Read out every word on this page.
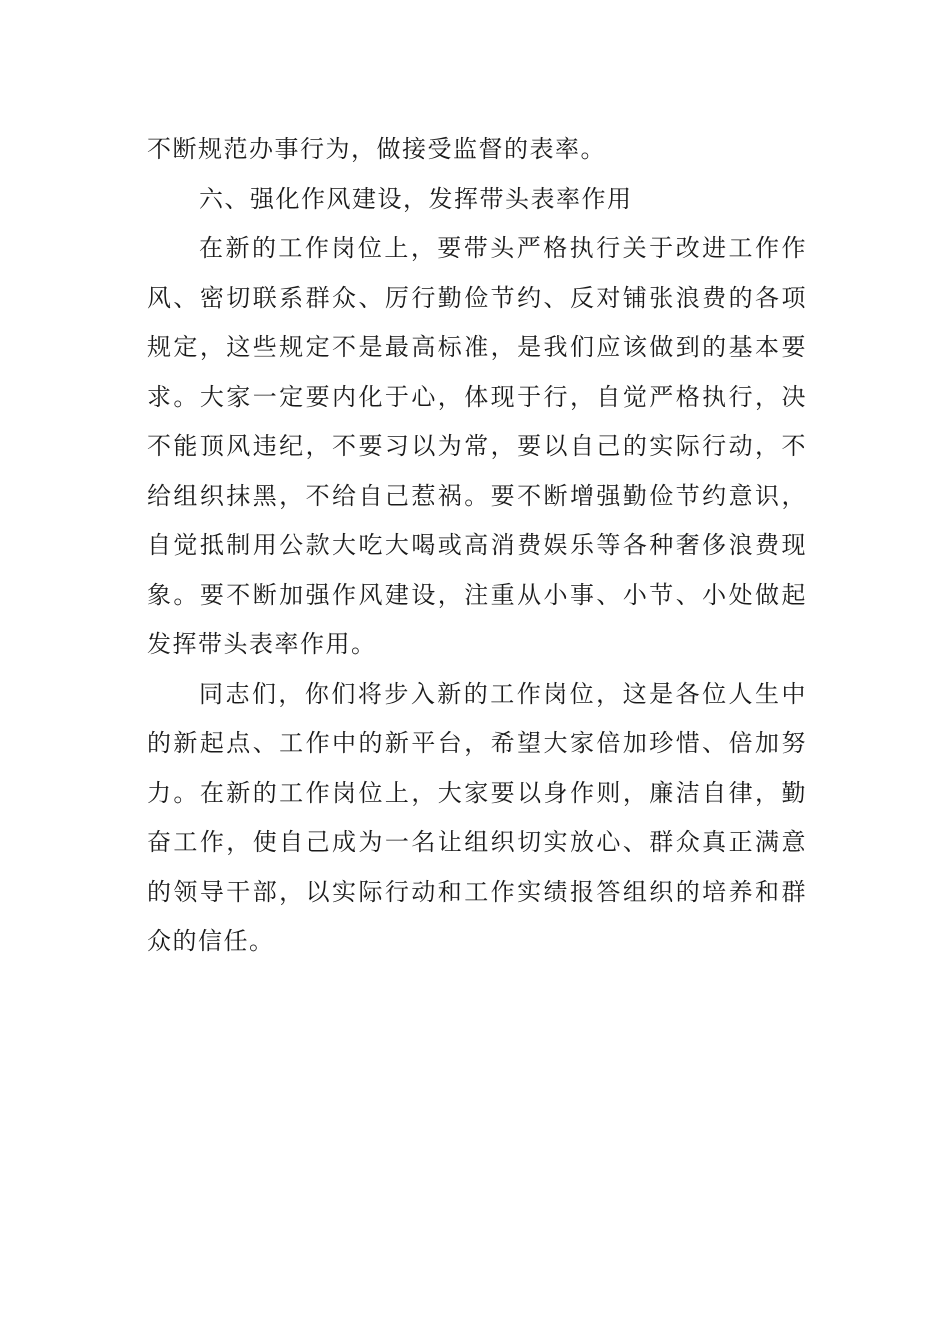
不断规范办事行为，做接受监督的表率。

六、强化作风建设，发挥带头表率作用

在新的工作岗位上，要带头严格执行关于改进工作作风、密切联系群众、厉行勤俭节约、反对铺张浪费的各项规定，这些规定不是最高标准，是我们应该做到的基本要求。大家一定要内化于心，体现于行，自觉严格执行，决不能顶风违纪，不要习以为常，要以自己的实际行动，不给组织抹黑，不给自己惹祸。要不断增强勤俭节约意识，自觉抵制用公款大吃大喝或高消费娱乐等各种奢侈浪费现象。要不断加强作风建设，注重从小事、小节、小处做起发挥带头表率作用。

同志们，你们将步入新的工作岗位，这是各位人生中的新起点、工作中的新平台，希望大家倍加珍惜、倍加努力。在新的工作岗位上，大家要以身作则，廉洁自律，勤奋工作，使自己成为一名让组织切实放心、群众真正满意的领导干部，以实际行动和工作实绩报答组织的培养和群众的信任。
